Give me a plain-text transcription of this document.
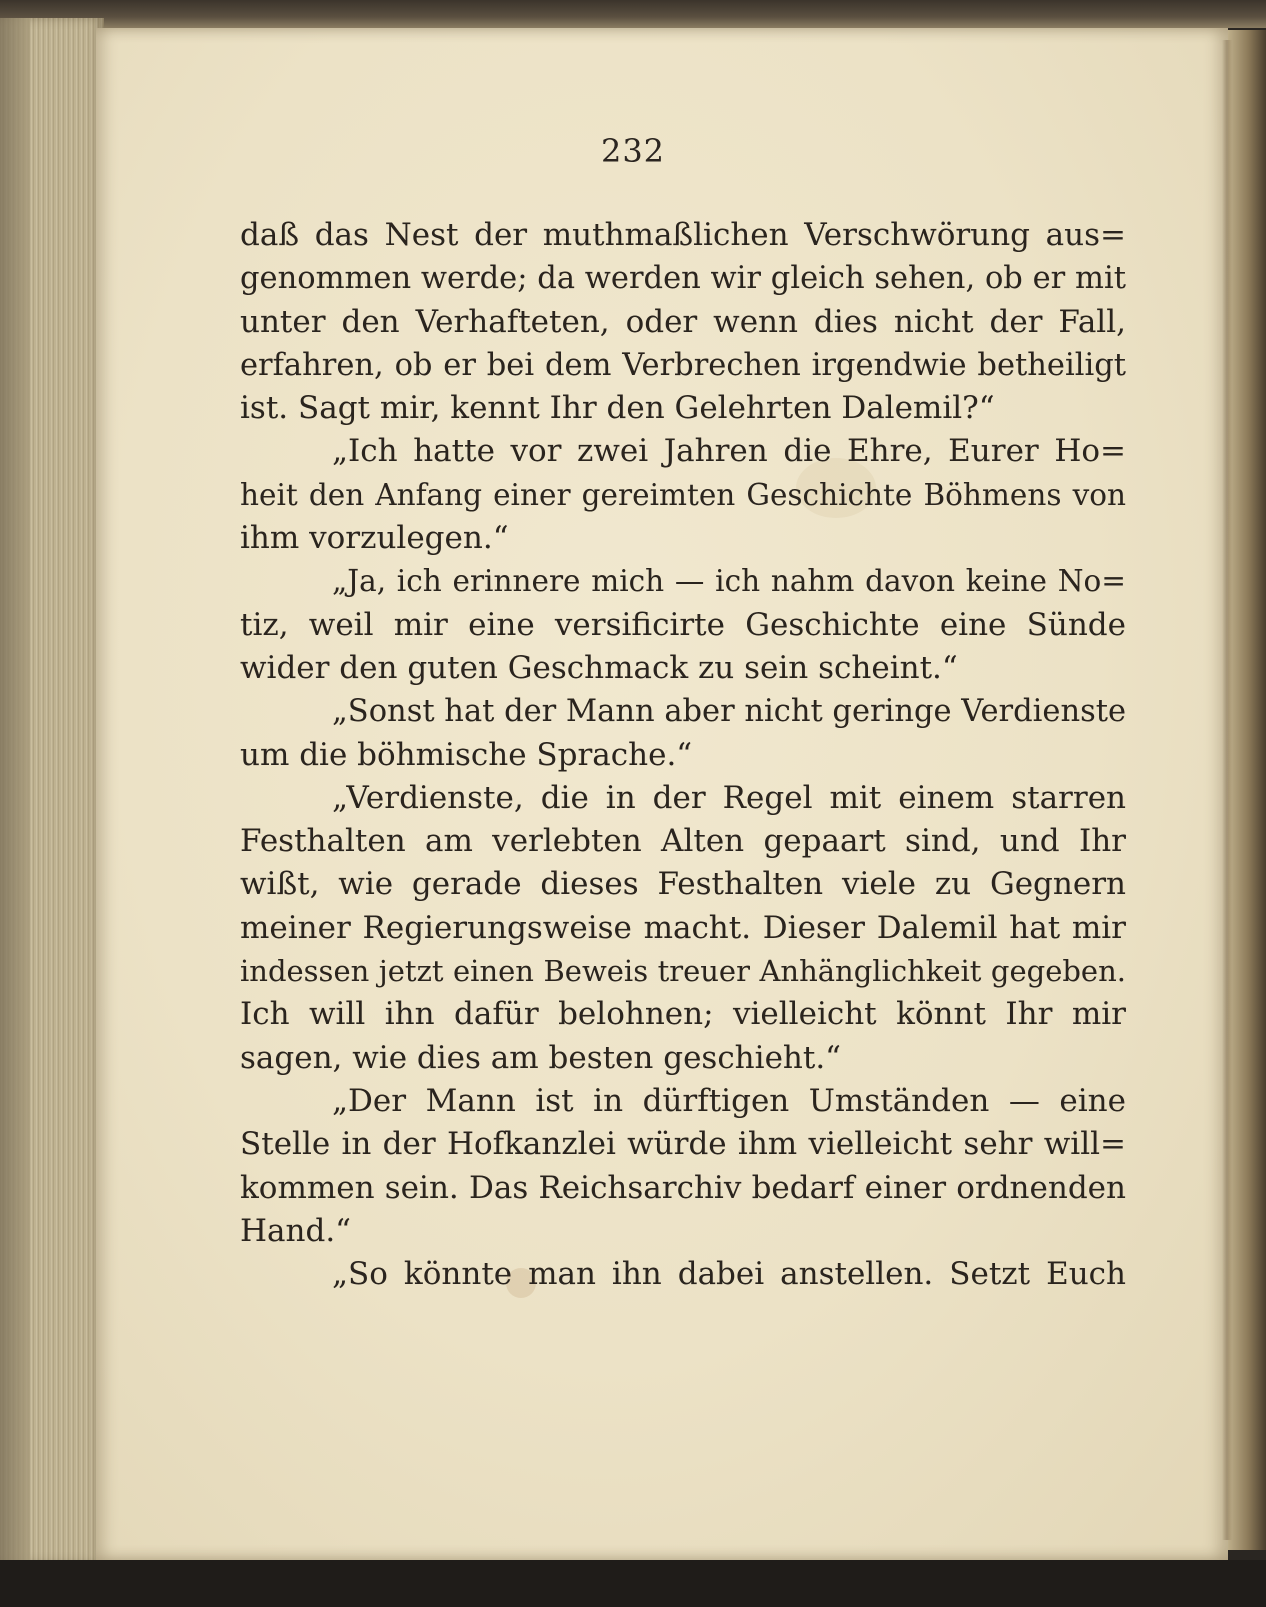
232
daß das Nest der muthmaßlichen Verschwörung aus=
genommen werde; da werden wir gleich sehen, ob er mit
unter den Verhafteten, oder wenn dies nicht der Fall,
erfahren, ob er bei dem Verbrechen irgendwie betheiligt
ist. Sagt mir, kennt Ihr den Gelehrten Dalemil?“
„Ich hatte vor zwei Jahren die Ehre, Eurer Ho=
heit den Anfang einer gereimten Geschichte Böhmens von
ihm vorzulegen.“
„Ja, ich erinnere mich — ich nahm davon keine No=
tiz, weil mir eine versificirte Geschichte eine Sünde
wider den guten Geschmack zu sein scheint.“
„Sonst hat der Mann aber nicht geringe Verdienste
um die böhmische Sprache.“
„Verdienste, die in der Regel mit einem starren
Festhalten am verlebten Alten gepaart sind, und Ihr
wißt, wie gerade dieses Festhalten viele zu Gegnern
meiner Regierungsweise macht. Dieser Dalemil hat mir
indessen jetzt einen Beweis treuer Anhänglichkeit gegeben.
Ich will ihn dafür belohnen; vielleicht könnt Ihr mir
sagen, wie dies am besten geschieht.“
„Der Mann ist in dürftigen Umständen — eine
Stelle in der Hofkanzlei würde ihm vielleicht sehr will=
kommen sein. Das Reichsarchiv bedarf einer ordnenden
Hand.“
„So könnte man ihn dabei anstellen. Setzt Euch
